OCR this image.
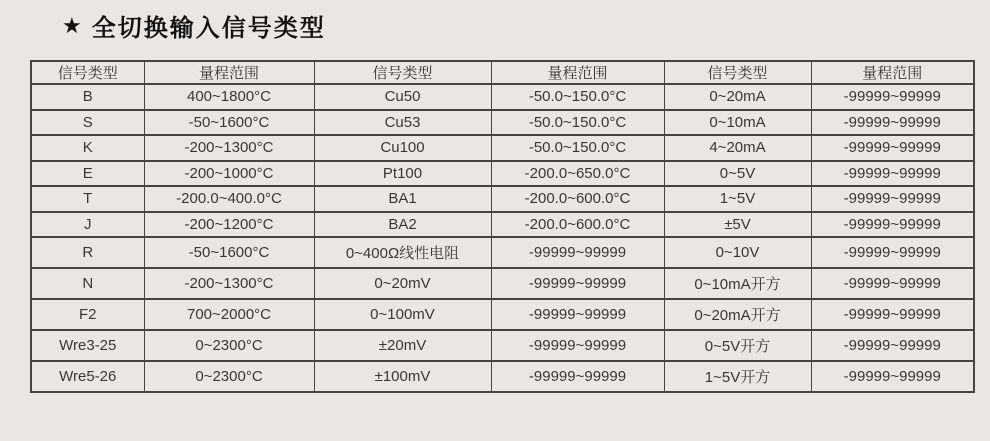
★ 全切换输入信号类型
信号类型	量程范围	信号类型	量程范围	信号类型	量程范围
B	400~1800°C	Cu50	-50.0~150.0°C	0~20mA	-99999~99999
S	-50~1600°C	Cu53	-50.0~150.0°C	0~10mA	-99999~99999
K	-200~1300°C	Cu100	-50.0~150.0°C	4~20mA	-99999~99999
E	-200~1000°C	Pt100	-200.0~650.0°C	0~5V	-99999~99999
T	-200.0~400.0°C	BA1	-200.0~600.0°C	1~5V	-99999~99999
J	-200~1200°C	BA2	-200.0~600.0°C	±5V	-99999~99999
R	-50~1600°C	0~400Ω线性电阻	-99999~99999	0~10V	-99999~99999
N	-200~1300°C	0~20mV	-99999~99999	0~10mA开方	-99999~99999
F2	700~2000°C	0~100mV	-99999~99999	0~20mA开方	-99999~99999
Wre3-25	0~2300°C	±20mV	-99999~99999	0~5V开方	-99999~99999
Wre5-26	0~2300°C	±100mV	-99999~99999	1~5V开方	-99999~99999
